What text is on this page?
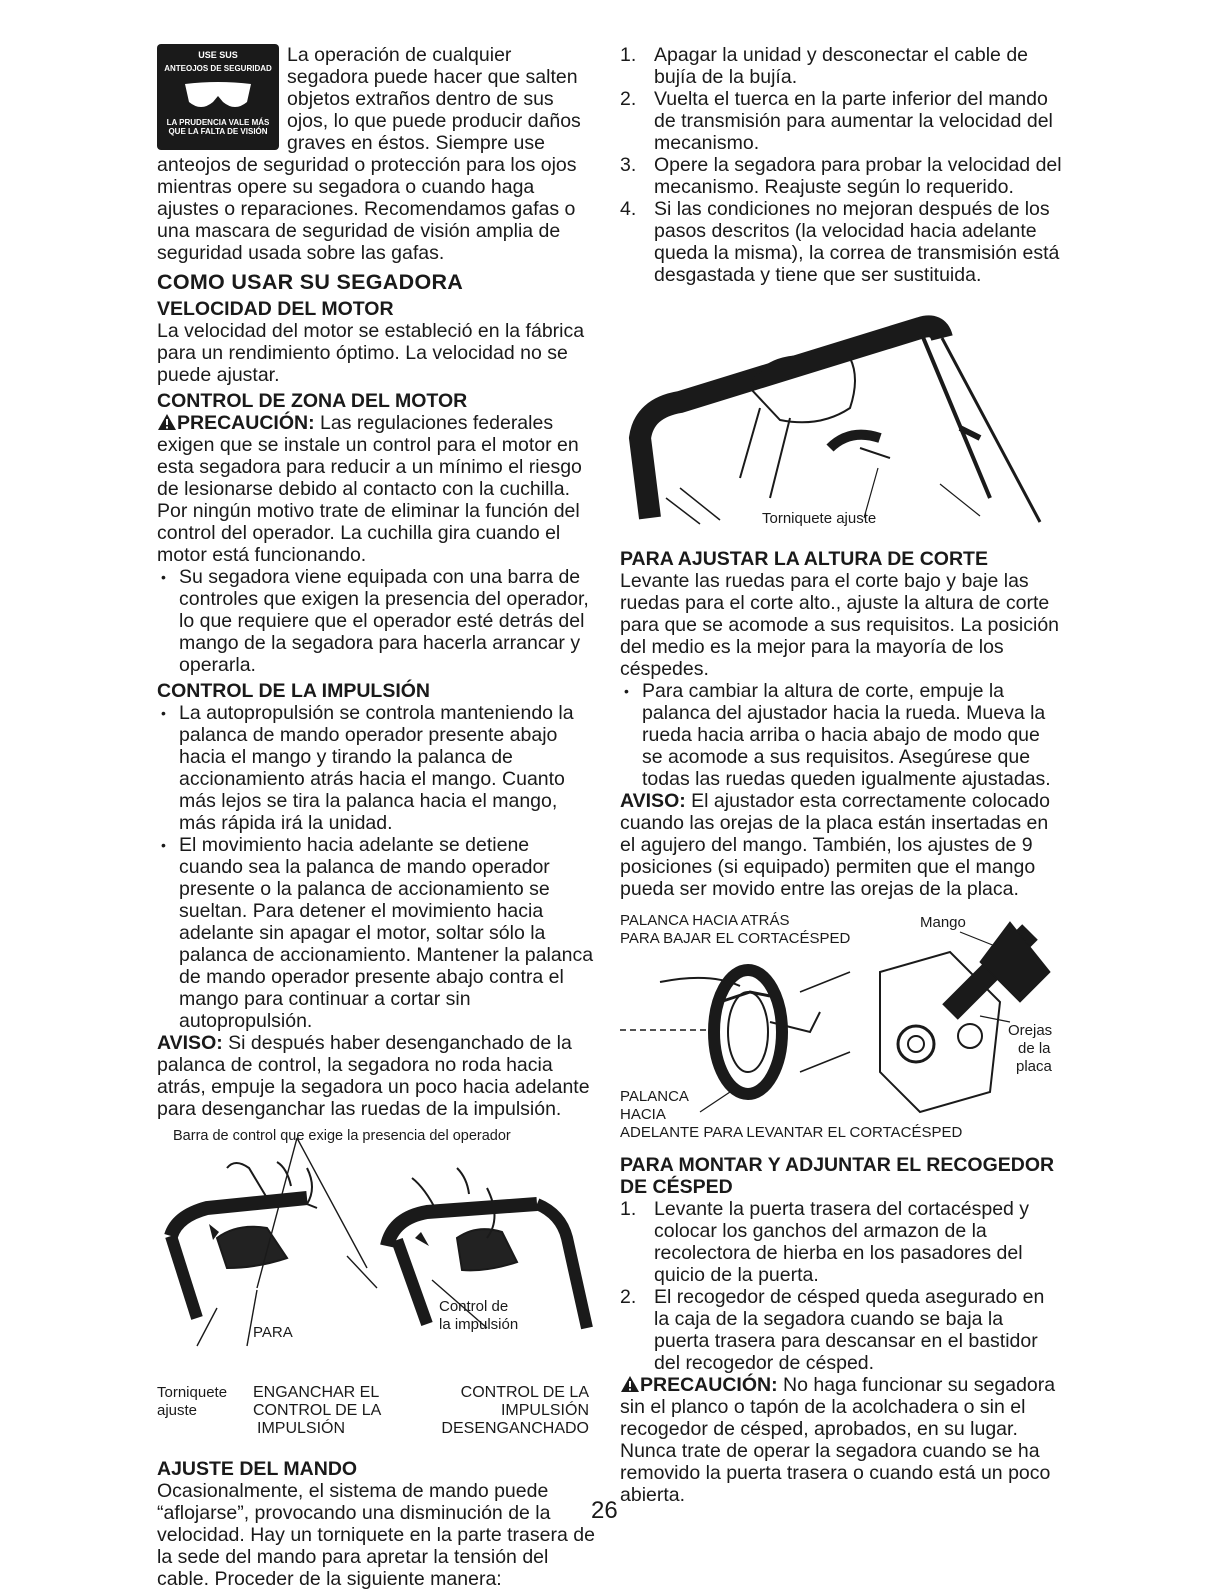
USE SUS
ANTEOJOS DE SEGURIDAD
LA PRUDENCIA VALE MÁS QUE LA FALTA DE VISIÓN

La operación de cualquier segadora puede hacer que salten objetos extraños dentro de sus ojos, lo que puede producir daños graves en éstos. Siempre use anteojos de seguridad o protección para los ojos mientras opere su segadora o cuando haga ajustes o reparaciones. Recomendamos gafas o una mascara de seguridad de visión amplia de seguridad usada sobre las gafas.

COMO USAR SU SEGADORA
VELOCIDAD DEL MOTOR

La velocidad del motor se estableció en la fábrica para un rendimiento óptimo. La velocidad no se puede ajustar.

CONTROL DE ZONA DEL MOTOR

PRECAUCIÓN: Las regulaciones federales exigen que se instale un control para el motor en esta segadora para reducir a un mínimo el riesgo de lesionarse debido al contacto con la cuchilla. Por ningún motivo trate de eliminar la función del control del operador. La cuchilla gira cuando el motor está funcionando.

• Su segadora viene equipada con una barra de controles que exigen la presencia del operador, lo que requiere que el operador esté detrás del mango de la segadora para hacerla arrancar y operarla.
CONTROL DE LA IMPULSIÓN
• La autopropulsión se controla manteniendo la palanca de mando operador presente abajo hacia el mango y tirando la palanca de accionamiento atrás hacia el mango. Cuanto más lejos se tira la palanca hacia el mango, más rápida irá la unidad.
• El movimiento hacia adelante se detiene cuando sea la palanca de mando operador presente o la palanca de accionamiento se sueltan. Para detener el movimiento hacia adelante sin apagar el motor, soltar sólo la palanca de accionamiento. Mantener la palanca de mando operador presente abajo contra el mango para continuar a cortar sin autopropulsión.

AVISO: Si después haber desenganchado de la palanca de control, la segadora no roda hacia atrás, empuje la segadora un poco hacia adelante para desenganchar las ruedas de la impulsión.

Barra de control que exige la presencia del operador
Control de
la impulsión
PARA
Torniquete
ajuste
ENGANCHAR EL
CONTROL DE LA
IMPULSIÓN
CONTROL DE LA
IMPULSIÓN
DESENGANCHADO
AJUSTE DEL MANDO

Ocasionalmente, el sistema de mando puede “aflojarse”, provocando una disminución de la velocidad. Hay un torniquete en la parte trasera de la sede del mando para apretar la tensión del cable. Proceder de la siguiente manera:

1. Apagar la unidad y desconectar el cable de bujía de la bujía.
2. Vuelta el tuerca en la parte inferior del mando de transmisión para aumentar la velocidad del mecanismo.
3. Opere la segadora para probar la velocidad del mecanismo. Reajuste según lo requerido.
4. Si las condiciones no mejoran después de los pasos descritos (la velocidad hacia adelante queda la misma), la correa de transmisión está desgastada y tiene que ser sustituida.
Torniquete ajuste
PARA AJUSTAR LA ALTURA DE CORTE

Levante las ruedas para el corte bajo y baje las ruedas para el corte alto., ajuste la altura de corte para que se acomode a sus requisitos. La posición del medio es la mejor para la mayoría de los céspedes.

• Para cambiar la altura de corte, empuje la palanca del ajustador hacia la rueda. Mueva la rueda hacia arriba o hacia abajo de modo que se acomode a sus requisitos. Asegúrese que todas las ruedas queden igualmente ajustadas.

AVISO: El ajustador esta correctamente colocado cuando las orejas de la placa están insertadas en el agujero del mango. También, los ajustes de 9 posiciones (si equipado) permiten que el mango pueda ser movido entre las orejas de la placa.

PALANCA HACIA ATRÁS
PARA BAJAR EL CORTACÉSPED
Mango
Orejas
de la
placa
PALANCA
HACIA
ADELANTE PARA LEVANTAR EL CORTACÉSPED
PARA MONTAR Y ADJUNTAR EL RECOGEDOR DE CÉSPED
1. Levante la puerta trasera del cortacésped y colocar los ganchos del armazon de la recolectora de hierba en los pasadores del quicio de la puerta.
2. El recogedor de césped queda asegurado en la caja de la segadora cuando se baja la puerta trasera para descansar en el bastidor del recogedor de césped.

PRECAUCIÓN: No haga funcionar su segadora sin el planco o tapón de la acolchadera o sin el recogedor de césped, aprobados, en su lugar. Nunca trate de operar la segadora cuando se ha removido la puerta trasera o cuando está un poco abierta.

26
